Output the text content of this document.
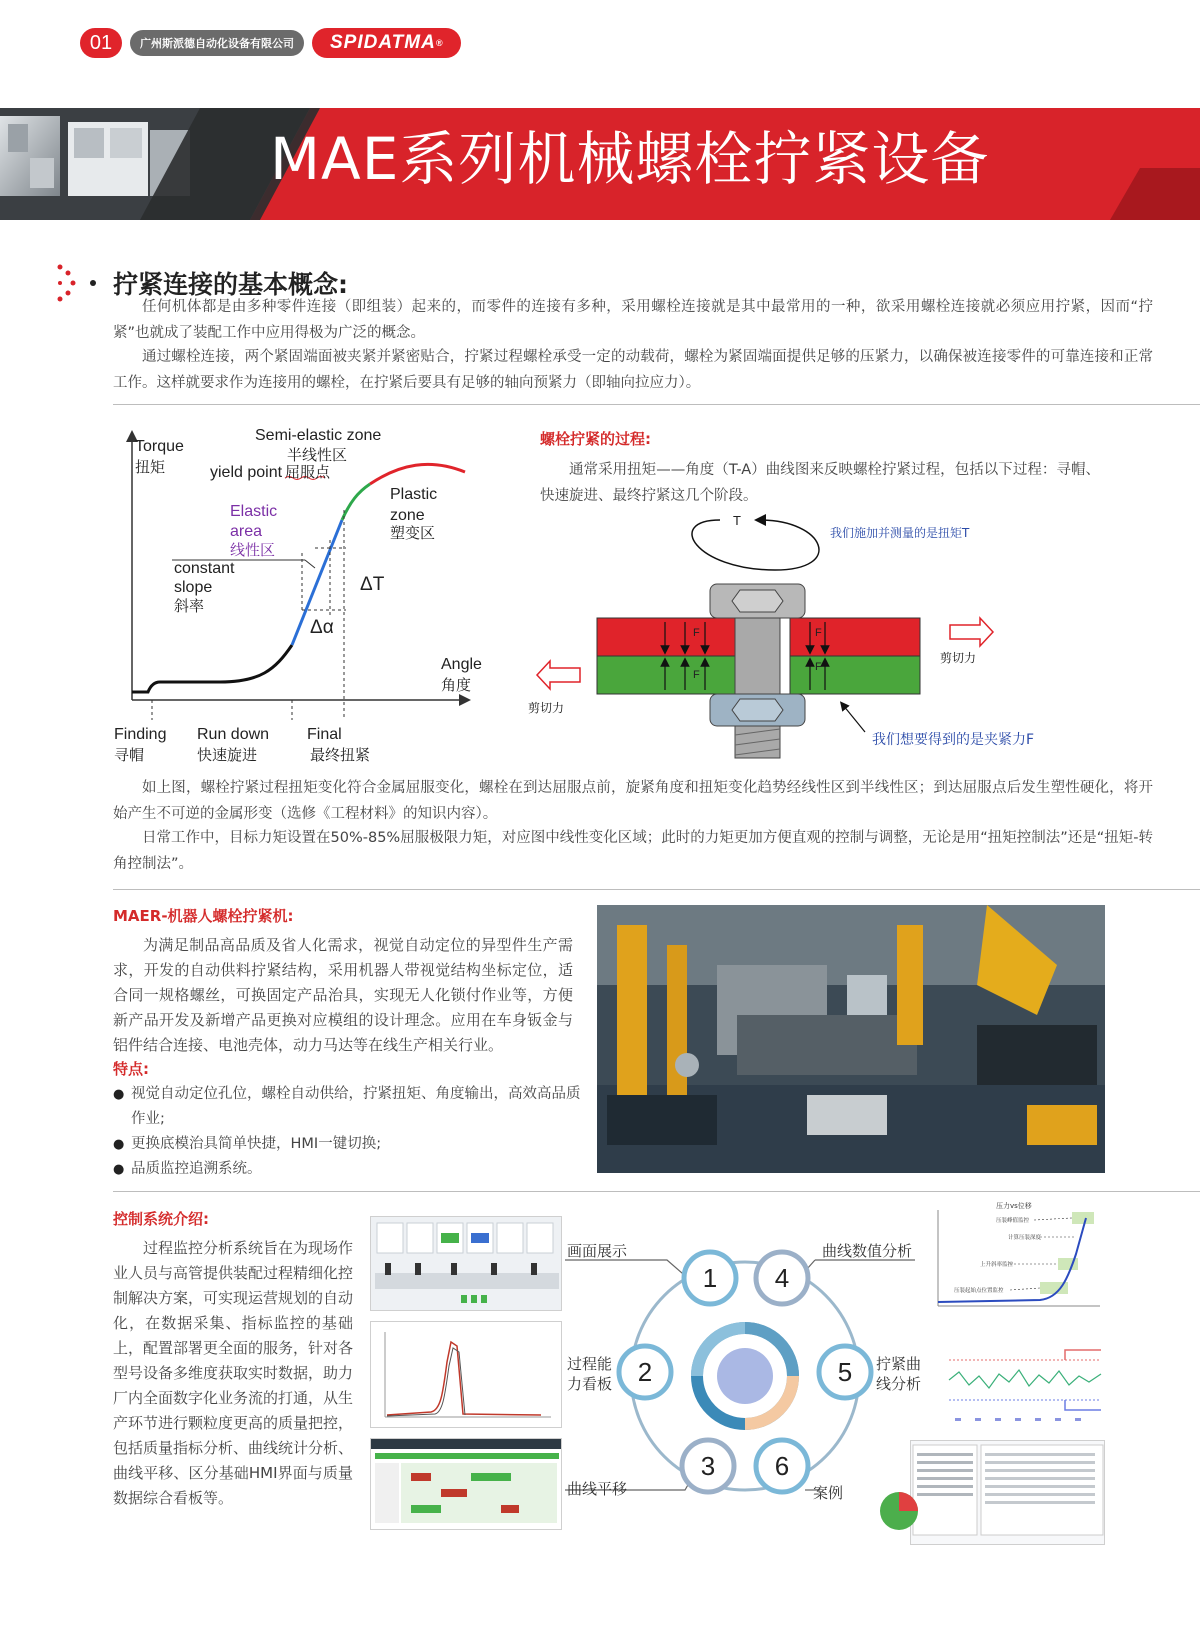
01	广州斯派德自动化设备有限公司	SPIDATMA ®
MAE系列机械螺栓拧紧设备
拧紧连接的基本概念:
任何机体都是由多种零件连接（即组装）起来的，而零件的连接有多种，采用螺栓连接就是其中最常用的一种，欲采用螺栓连接就必须应用拧紧，因而“拧紧”也就成了装配工作中应用得极为广泛的概念。
通过螺栓连接，两个紧固端面被夹紧并紧密贴合，拧紧过程螺栓承受一定的动载荷，螺栓为紧固端面提供足够的压紧力，以确保被连接零件的可靠连接和正常工作。这样就要求作为连接用的螺栓，在拧紧后要具有足够的轴向预紧力（即轴向拉应力）。
Torque
扭矩
Semi-elastic zone
半线性区
yield point 屈服点
Elastic
area
线性区
constant
slope
斜率
Plastic
zone
塑变区
ΔT
Δα
Angle
角度
Finding
寻帽
Run down
快速旋进
Final
最终扭紧
螺栓拧紧的过程:
通常采用扭矩——角度（T-A）曲线图来反映螺栓拧紧过程，包括以下过程：寻帽、快速旋进、最终拧紧这几个阶段。
T
我们施加并测量的是扭矩T
F	F
F
F
剪切力
剪切力
我们想要得到的是夹紧力F
如上图，螺栓拧紧过程扭矩变化符合金属屈服变化，螺栓在到达屈服点前，旋紧角度和扭矩变化趋势经线性区到半线性区；到达屈服点后发生塑性硬化，将开始产生不可逆的金属形变（选修《工程材料》的知识内容）。
日常工作中，目标力矩设置在50%-85%屈服极限力矩，对应图中线性变化区域；此时的力矩更加方便直观的控制与调整，无论是用“扭矩控制法”还是“扭矩-转角控制法”。
MAER-机器人螺栓拧紧机:
为满足制品高品质及省人化需求，视觉自动定位的异型件生产需求，开发的自动供料拧紧结构，采用机器人带视觉结构坐标定位，适合同一规格螺丝，可换固定产品治具，实现无人化锁付作业等，方便新产品开发及新增产品更换对应模组的设计理念。应用在车身钣金与铝件结合连接、电池壳体，动力马达等在线生产相关行业。
特点:
● 视觉自动定位孔位，螺栓自动供给，拧紧扭矩、角度输出，高效高品质作业;
● 更换底模治具简单快捷，HMI一键切换;
● 品质监控追溯系统。
控制系统介绍:
过程监控分析系统旨在为现场作业人员与高管提供装配过程精细化控制解决方案，可实现运营规划的自动化，在数据采集、指标监控的基础上，配置部署更全面的服务，针对各型号设备多维度获取实时数据，助力厂内全面数字化业务流的打通，从生产环节进行颗粒度更高的质量把控，包括质量指标分析、曲线统计分析、曲线平移、区分基础HMI界面与质量数据综合看板等。
1 4
2	5
3 6
画面展示	曲线数值分析
过程能
力看板
拧紧曲
线分析
曲线平移	案例
压力vs位移
压装峰值监控
计算压装深度
上升斜率监控
压装起始点位置监控
